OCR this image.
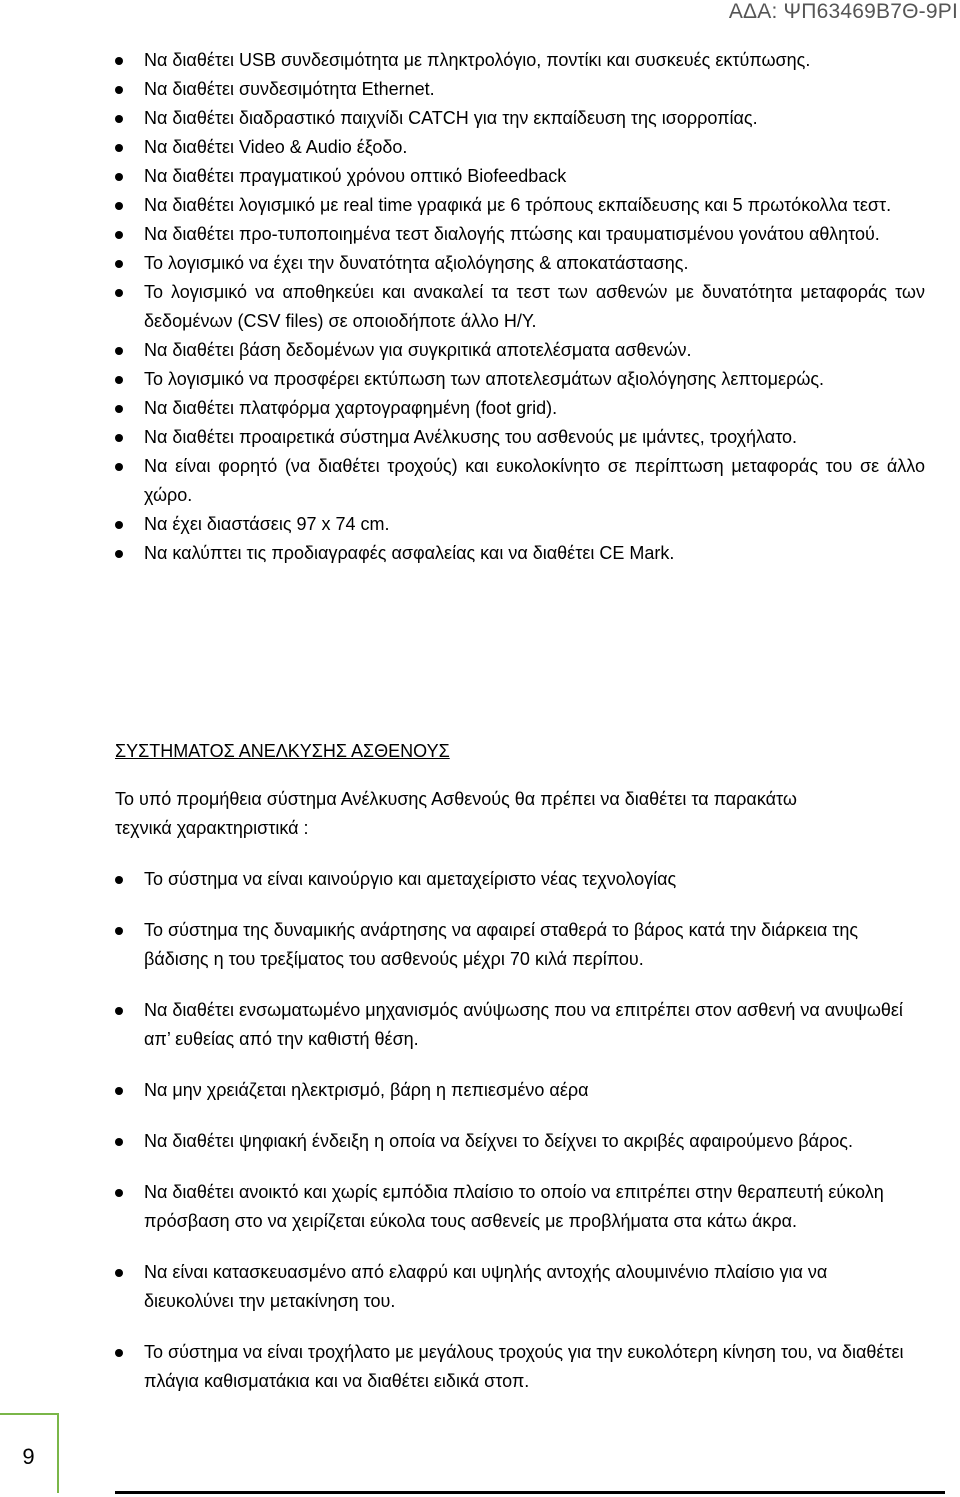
ΑΔΑ: ΨΠ63469Β7Θ-9ΡΙ
Να διαθέτει USB συνδεσιμότητα με πληκτρολόγιο, ποντίκι και συσκευές εκτύπωσης.
Να διαθέτει συνδεσιμότητα Ethernet.
Να διαθέτει διαδραστικό παιχνίδι CATCH για την εκπαίδευση της ισορροπίας.
Να διαθέτει Video & Audio έξοδο.
Να διαθέτει πραγματικού χρόνου οπτικό Biofeedback
Να διαθέτει λογισμικό με real time γραφικά με 6 τρόπους εκπαίδευσης και 5 πρωτόκολλα τεστ.
Να διαθέτει προ-τυποποιημένα τεστ διαλογής πτώσης και τραυματισμένου γονάτου αθλητού.
Το λογισμικό να έχει την δυνατότητα αξιολόγησης & αποκατάστασης.
Το λογισμικό να αποθηκεύει και ανακαλεί τα τεστ των ασθενών με δυνατότητα μεταφοράς των δεδομένων (CSV files) σε οποιοδήποτε άλλο Η/Υ.
Να διαθέτει βάση δεδομένων για συγκριτικά αποτελέσματα ασθενών.
Το λογισμικό να προσφέρει εκτύπωση των αποτελεσμάτων αξιολόγησης λεπτομερώς.
Να διαθέτει πλατφόρμα χαρτογραφημένη (foot grid).
Να διαθέτει προαιρετικά σύστημα Ανέλκυσης του ασθενούς με ιμάντες, τροχήλατο.
Να είναι φορητό (να διαθέτει τροχούς) και ευκολοκίνητο σε περίπτωση μεταφοράς του σε άλλο χώρο.
Να έχει διαστάσεις 97 x 74 cm.
Να καλύπτει τις προδιαγραφές ασφαλείας και να διαθέτει CE Mark.
ΣΥΣΤΗΜΑΤΟΣ ΑΝΕΛΚΥΣΗΣ ΑΣΘΕΝΟΥΣ
Το υπό προμήθεια σύστημα Ανέλκυσης Ασθενούς θα πρέπει να διαθέτει τα παρακάτω τεχνικά χαρακτηριστικά :
Το σύστημα να είναι καινούργιο και αμεταχείριστο νέας τεχνολογίας
Το σύστημα της δυναμικής ανάρτησης να αφαιρεί σταθερά το βάρος κατά την διάρκεια της βάδισης η του τρεξίματος του ασθενούς μέχρι 70 κιλά περίπου.
Να διαθέτει ενσωματωμένο μηχανισμός ανύψωσης που να επιτρέπει στον ασθενή να ανυψωθεί απ’ ευθείας από την καθιστή θέση.
Να μην χρειάζεται ηλεκτρισμό, βάρη η πεπιεσμένο αέρα
Να διαθέτει ψηφιακή ένδειξη η οποία να δείχνει το δείχνει το ακριβές αφαιρούμενο βάρος.
Να διαθέτει ανοικτό και χωρίς εμπόδια πλαίσιο το οποίο να επιτρέπει στην θεραπευτή εύκολη πρόσβαση στο να χειρίζεται εύκολα τους ασθενείς με προβλήματα στα κάτω άκρα.
Να είναι κατασκευασμένο από ελαφρύ και υψηλής αντοχής αλουμινένιο πλαίσιο για να διευκολύνει την μετακίνηση του.
Το σύστημα να είναι τροχήλατο με μεγάλους τροχούς για την ευκολότερη κίνηση του, να διαθέτει πλάγια καθισματάκια και να διαθέτει ειδικά στοπ.
9
